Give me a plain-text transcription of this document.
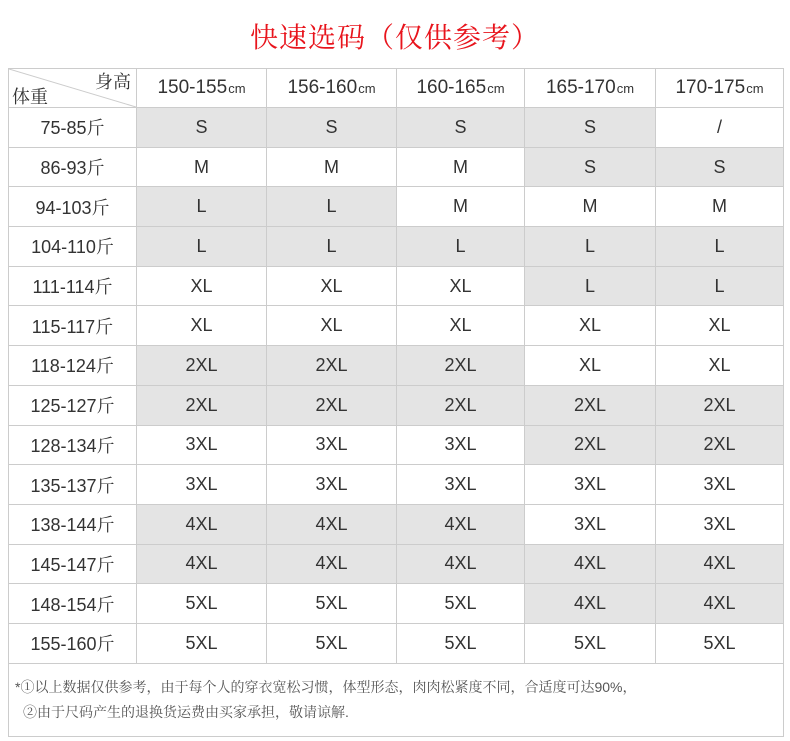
快速选码（仅供参考）
身高
体重	150-155cm	156-160cm	160-165cm	165-170cm	170-175cm
75-85斤	S	S	S	S	/
86-93斤	M	M	M	S	S
94-103斤	L	L	M	M	M
104-110斤	L	L	L	L	L
111-114斤	XL	XL	XL	L	L
115-117斤	XL	XL	XL	XL	XL
118-124斤	2XL	2XL	2XL	XL	XL
125-127斤	2XL	2XL	2XL	2XL	2XL
128-134斤	3XL	3XL	3XL	2XL	2XL
135-137斤	3XL	3XL	3XL	3XL	3XL
138-144斤	4XL	4XL	4XL	3XL	3XL
145-147斤	4XL	4XL	4XL	4XL	4XL
148-154斤	5XL	5XL	5XL	4XL	4XL
155-160斤	5XL	5XL	5XL	5XL	5XL

*①以上数据仅供参考，由于每个人的穿衣宽松习惯，体型形态，肉肉松紧度不同，合适度可达90%，
②由于尺码产生的退换货运费由买家承担，敬请谅解.					
